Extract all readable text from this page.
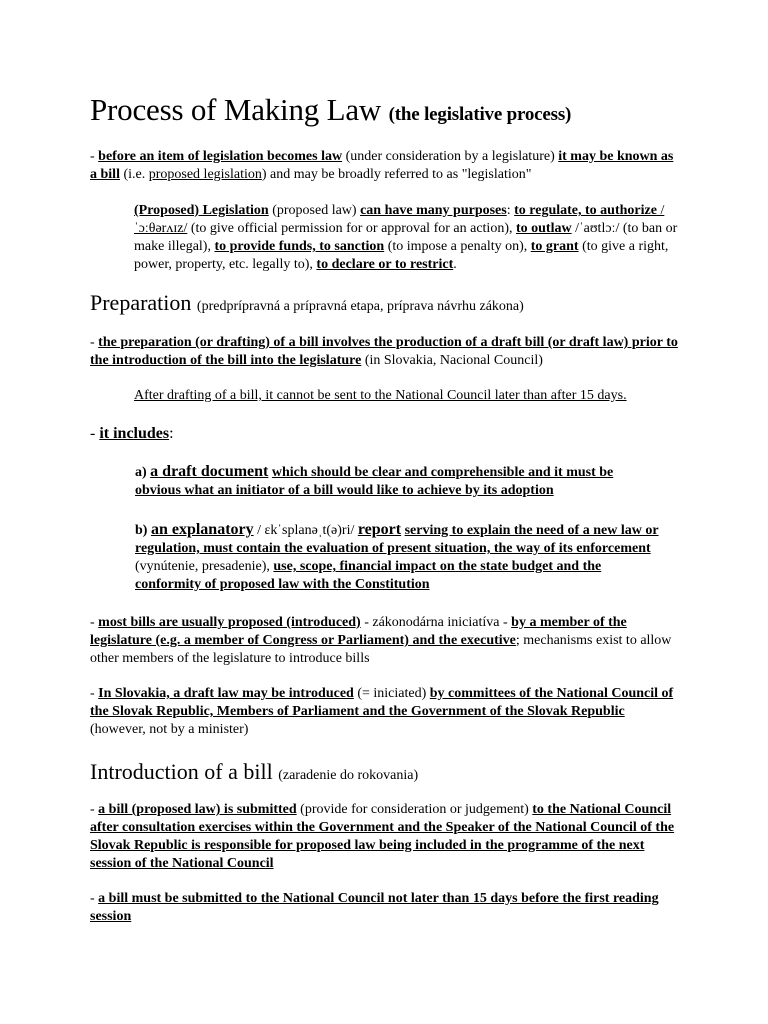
Process of Making Law (the legislative process)

- before an item of legislation becomes law (under consideration by a legislature) it may be known as a bill (i.e. proposed legislation) and may be broadly referred to as "legislation"

(Proposed) Legislation (proposed law) can have many purposes: to regulate, to authorize /ˈɔːθərʌɪz/ (to give official permission for or approval for an action), to outlaw /ˈaʊtlɔː/ (to ban or make illegal), to provide funds, to sanction (to impose a penalty on), to grant (to give a right, power, property, etc. legally to), to declare or to restrict.

Preparation (predprípravná a prípravná etapa, príprava návrhu zákona)

- the preparation (or drafting) of a bill involves the production of a draft bill (or draft law) prior to the introduction of the bill into the legislature (in Slovakia, Nacional Council)

After drafting of a bill, it cannot be sent to the National Council later than after 15 days.

- it includes:

a) a draft document which should be clear and comprehensible and it must be obvious what an initiator of a bill would like to achieve by its adoption

b) an explanatory / ɛkˈsplanəˌt(ə)ri/ report serving to explain the need of a new law or regulation, must contain the evaluation of present situation, the way of its enforcement (vynútenie, presadenie), use, scope, financial impact on the state budget and the conformity of proposed law with the Constitution

- most bills are usually proposed (introduced) - zákonodárna iniciatíva - by a member of the legislature (e.g. a member of Congress or Parliament) and the executive; mechanisms exist to allow other members of the legislature to introduce bills

- In Slovakia, a draft law may be introduced (= iniciated) by committees of the National Council of the Slovak Republic, Members of Parliament and the Government of the Slovak Republic (however, not by a minister)

Introduction of a bill (zaradenie do rokovania)

- a bill (proposed law) is submitted (provide for consideration or judgement) to the National Council after consultation exercises within the Government and the Speaker of the National Council of the Slovak Republic is responsible for proposed law being included in the programme of the next session of the National Council

- a bill must be submitted to the National Council not later than 15 days before the first reading session
